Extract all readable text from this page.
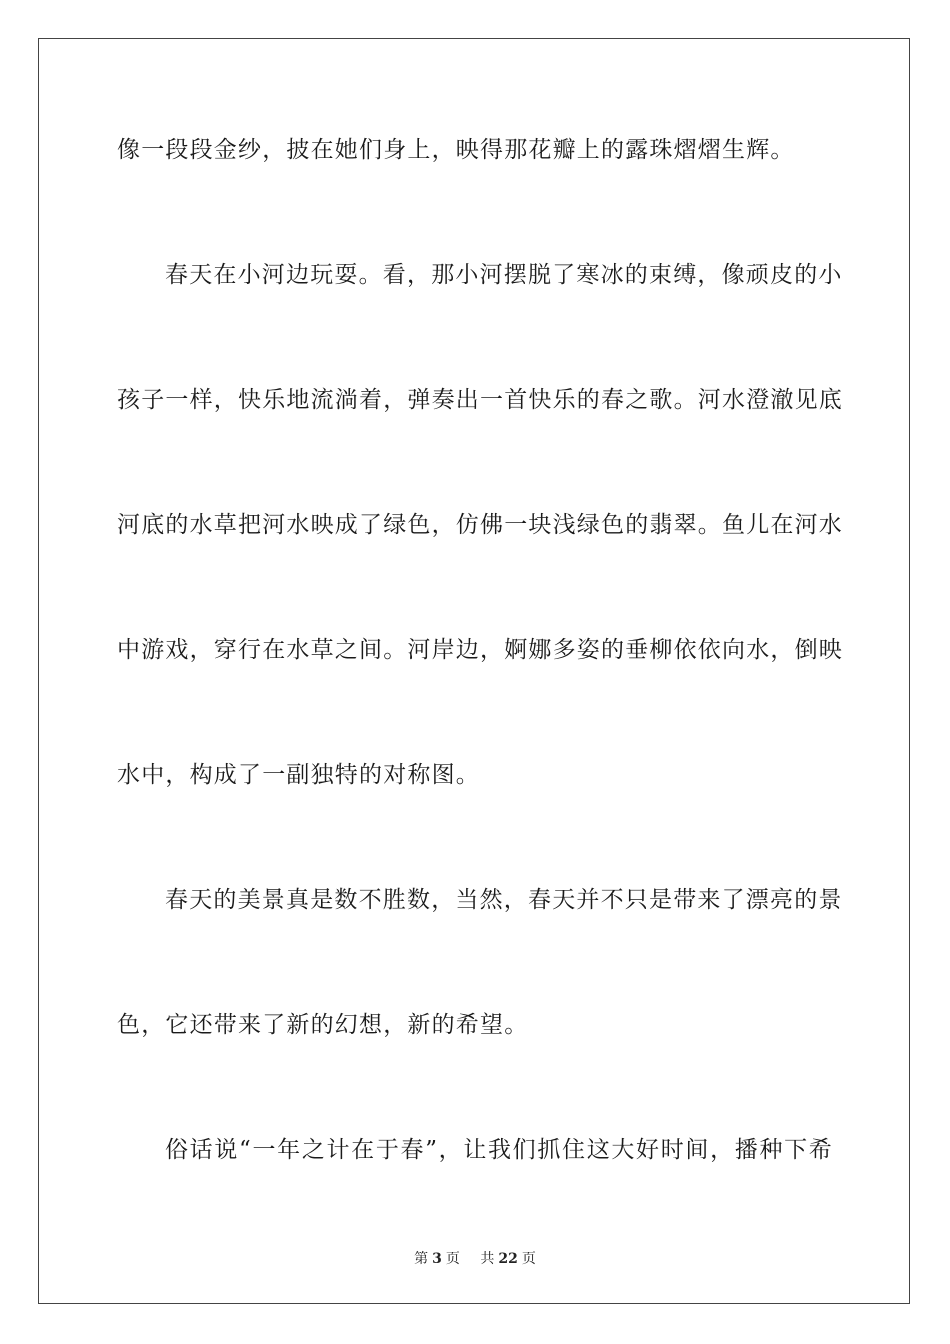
像一段段金纱，披在她们身上，映得那花瓣上的露珠熠熠生辉。
春天在小河边玩耍。看，那小河摆脱了寒冰的束缚，像顽皮的小
孩子一样，快乐地流淌着，弹奏出一首快乐的春之歌。河水澄澈见底
河底的水草把河水映成了绿色，仿佛一块浅绿色的翡翠。鱼儿在河水
中游戏，穿行在水草之间。河岸边，婀娜多姿的垂柳依依向水，倒映
水中，构成了一副独特的对称图。
春天的美景真是数不胜数，当然，春天并不只是带来了漂亮的景
色，它还带来了新的幻想，新的希望。
俗话说“一年之计在于春”，让我们抓住这大好时间，播种下希
第 3 页 共 22 页
